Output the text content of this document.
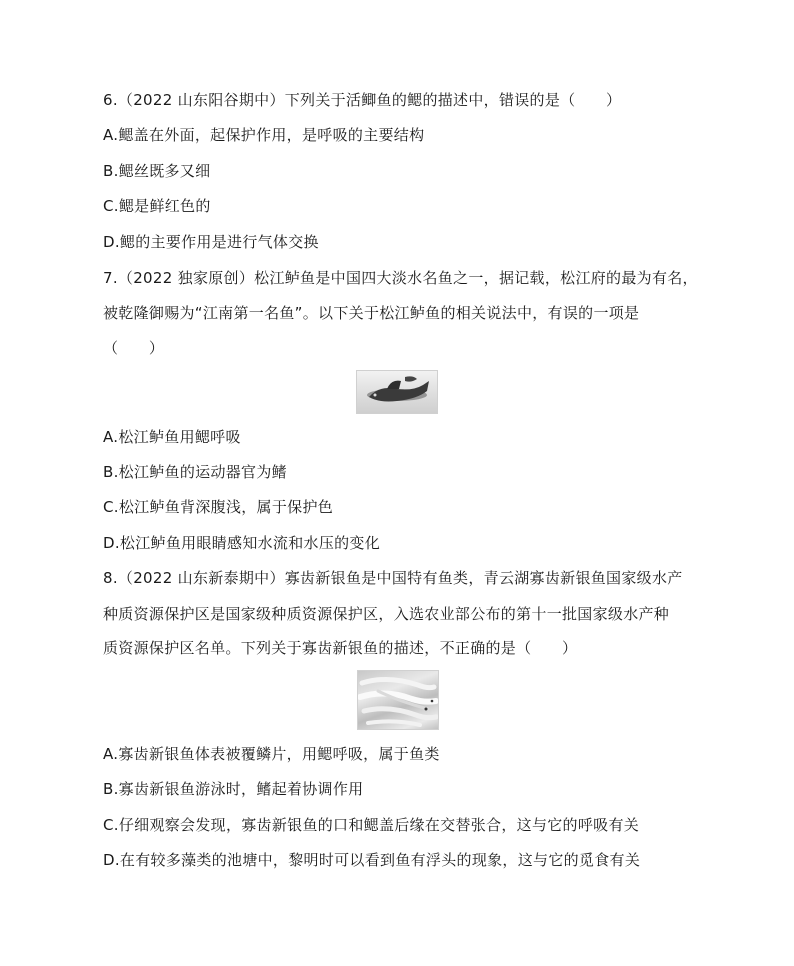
6.（2022 山东阳谷期中）下列关于活鲫鱼的鳃的描述中，错误的是（　　）
A.鳃盖在外面，起保护作用，是呼吸的主要结构
B.鳃丝既多又细
C.鳃是鲜红色的
D.鳃的主要作用是进行气体交换
7.（2022 独家原创）松江鲈鱼是中国四大淡水名鱼之一，据记载，松江府的最为有名，
被乾隆御赐为“江南第一名鱼”。以下关于松江鲈鱼的相关说法中，有误的一项是
（　　）
A.松江鲈鱼用鳃呼吸
B.松江鲈鱼的运动器官为鳍
C.松江鲈鱼背深腹浅，属于保护色
D.松江鲈鱼用眼睛感知水流和水压的变化
8.（2022 山东新泰期中）寡齿新银鱼是中国特有鱼类，青云湖寡齿新银鱼国家级水产
种质资源保护区是国家级种质资源保护区，入选农业部公布的第十一批国家级水产种
质资源保护区名单。下列关于寡齿新银鱼的描述，不正确的是（　　）
A.寡齿新银鱼体表被覆鳞片，用鳃呼吸，属于鱼类
B.寡齿新银鱼游泳时，鳍起着协调作用
C.仔细观察会发现，寡齿新银鱼的口和鳃盖后缘在交替张合，这与它的呼吸有关
D.在有较多藻类的池塘中，黎明时可以看到鱼有浮头的现象，这与它的觅食有关
